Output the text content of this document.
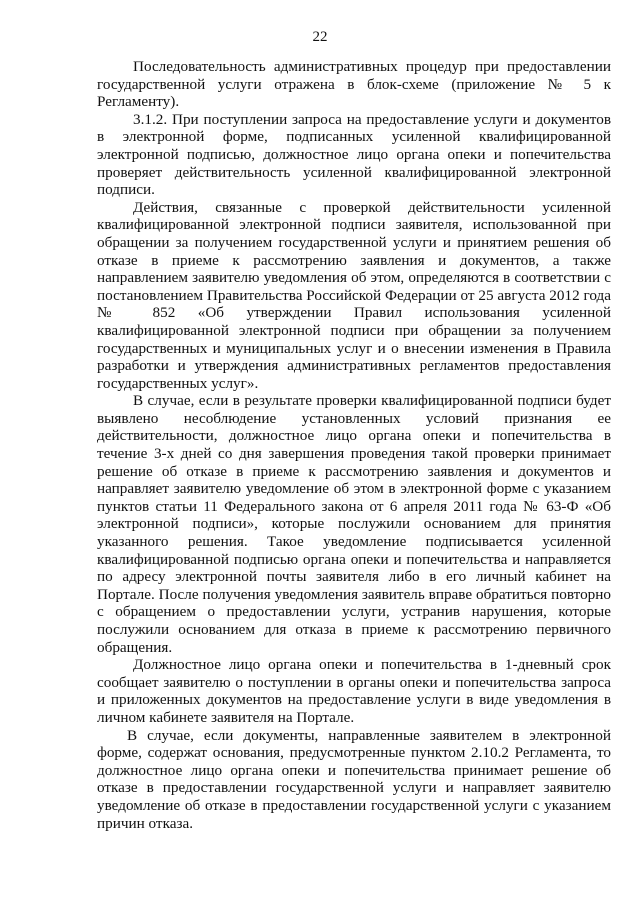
22

Последовательность административных процедур при предоставлении государственной услуги отражена в блок-схеме (приложение № 5 к Регламенту).

3.1.2. При поступлении запроса на предоставление услуги и документов в электронной форме, подписанных усиленной квалифицированной электронной подписью, должностное лицо органа опеки и попечительства проверяет действительность усиленной квалифицированной электронной подписи.

Действия, связанные с проверкой действительности усиленной квалифицированной электронной подписи заявителя, использованной при обращении за получением государственной услуги и принятием решения об отказе в приеме к рассмотрению заявления и документов, а также направлением заявителю уведомления об этом, определяются в соответствии с постановлением Правительства Российской Федерации от 25 августа 2012 года № 852 «Об утверждении Правил использования усиленной квалифицированной электронной подписи при обращении за получением государственных и муниципальных услуг и о внесении изменения в Правила разработки и утверждения административных регламентов предоставления государственных услуг».

В случае, если в результате проверки квалифицированной подписи будет выявлено несоблюдение установленных условий признания ее действительности, должностное лицо органа опеки и попечительства в течение 3-х дней со дня завершения проведения такой проверки принимает решение об отказе в приеме к рассмотрению заявления и документов и направляет заявителю уведомление об этом в электронной форме с указанием пунктов статьи 11 Федерального закона от 6 апреля 2011 года № 63-Ф «Об электронной подписи», которые послужили основанием для принятия указанного решения. Такое уведомление подписывается усиленной квалифицированной подписью органа опеки и попечительства и направляется по адресу электронной почты заявителя либо в его личный кабинет на Портале. После получения уведомления заявитель вправе обратиться повторно с обращением о предоставлении услуги, устранив нарушения, которые послужили основанием для отказа в приеме к рассмотрению первичного обращения.

Должностное лицо органа опеки и попечительства в 1-дневный срок сообщает заявителю о поступлении в органы опеки и попечительства запроса и приложенных документов на предоставление услуги в виде уведомления в личном кабинете заявителя на Портале.

В случае, если документы, направленные заявителем в электронной форме, содержат основания, предусмотренные пунктом 2.10.2 Регламента, то должностное лицо органа опеки и попечительства принимает решение об отказе в предоставлении государственной услуги и направляет заявителю уведомление об отказе в предоставлении государственной услуги с указанием причин отказа.
